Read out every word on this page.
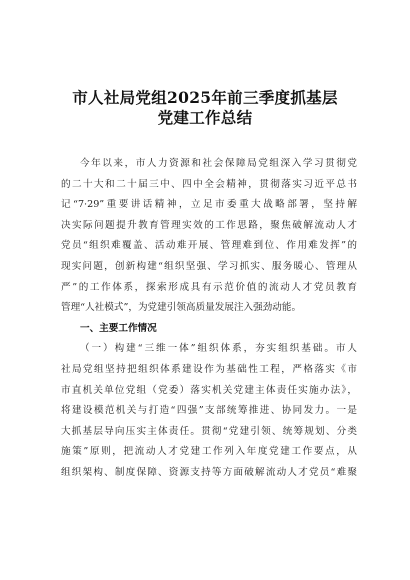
市人社局党组2025年前三季度抓基层
党建工作总结
今年以来，市人力资源和社会保障局党组深入学习贯彻党
的二十大和二十届三中、四中全会精神，贯彻落实习近平总书
记“7·29”重要讲话精神，立足市委重大战略部署，坚持解
决实际问题提升教育管理实效的工作思路，聚焦破解流动人才
党员“组织难覆盖、活动难开展、管理难到位、作用难发挥”的
现实问题，创新构建“组织坚强、学习抓实、服务暖心、管理从
严”的工作体系，探索形成具有示范价值的流动人才党员教育
管理“人社模式”，为党建引领高质量发展注入强劲动能。
一、主要工作情况
（一）构建“三维一体”组织体系，夯实组织基础。市人
社局党组坚持把组织体系建设作为基础性工程，严格落实《市
市直机关单位党组（党委）落实机关党建主体责任实施办法》，
将建设模范机关与打造“四强”支部统筹推进、协同发力。一是
大抓基层导向压实主体责任。贯彻“党建引领、统筹规划、分类
施策”原则，把流动人才党建工作列入年度党建工作要点，从
组织架构、制度保障、资源支持等方面破解流动人才党员“难聚
